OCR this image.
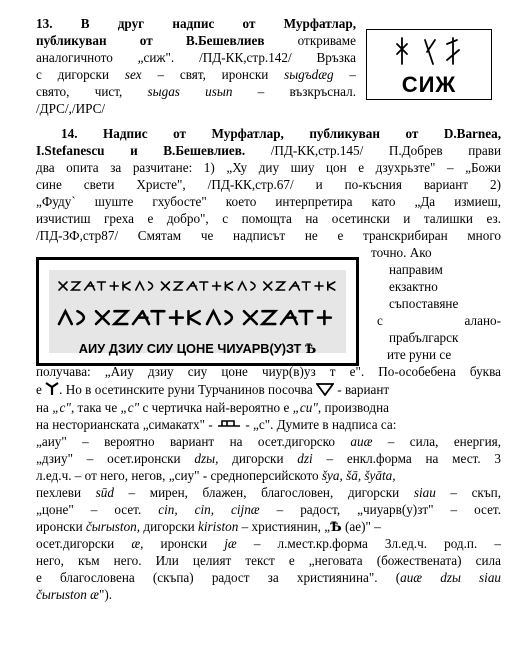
13. В друг надпис от Мурфатлар,
публикуван от В.Бешевлиев откриваме
аналогичното „сиж". /ПД-КК,стр.142/ Връзка
с дигорски sex – свят, иронски sыgъdæg –
свято, чист, sыgas usып – възкръснал.
/ДРС/,/ИРС/
СИЖ
14. Надпис от Мурфатлар, публикуван от D.Barnea,
I.Stefanescu и В.Бешевлиев. /ПД-КК,стр.145/ П.Добрев прави
два опита за разчитане: 1) „Ху диу шиу цон е дзухрьзте" – „Божи
сине свети Христе", /ПД-КК,стр.67/ и по-късния вариант 2)
„Фуду` шуште гхубосте" което интерпретира като „Да измиеш,
изчистиш греха е добро", с помощта на осетински и талишки ез.
/ПД-ЗФ,стр87/ Смятам че надписът не е транскрибиран много
точно. Ако
направим
екзактно
съпоставяне
с алано-
прабългарск
ите руни се
АИУ ДЗИУ СИУ ЦОНЕ ЧИУАРВ(У)ЗТ Ѣ
получава: „Аиу дзиу сиу цоне чиур(в)уз т е". По-особебена буква
е . Но в осетинските руни Турчанинов посочва  - вариант
на „с", така че „с" с чертичка най-вероятно е „си", производна
на несторианската „симакатх" -  - „с". Думите в надписа са:
„аиу" – вероятно вариант на осет.дигорско аиæ – сила, енергия,
„дзиу" – осет.иронски dzы, дигорски dzi – енкл.форма на мест. 3
л.ед.ч. – от него, негов, „сиу" - средноперсийското šya, šā, šyāta,
пехлеви sūd – мирен, блажен, благословен, дигорски siau – скъп,
„цоне" – осет. cin, cin, cijnæ – радост, „чиуарв(у)зт" – осет.
иронски čыrыston, дигорски kiriston – християнин, „Ѣ (ае)" –
осет.дигорски æ, иронски jæ – л.мест.кр.форма 3л.ед.ч. род.п. –
него, към него. Или целият текст е „неговата (божествената) сила
е благословена (скъпа) радост за християнина". (aиæ dzы siau
čыrыston æ").
